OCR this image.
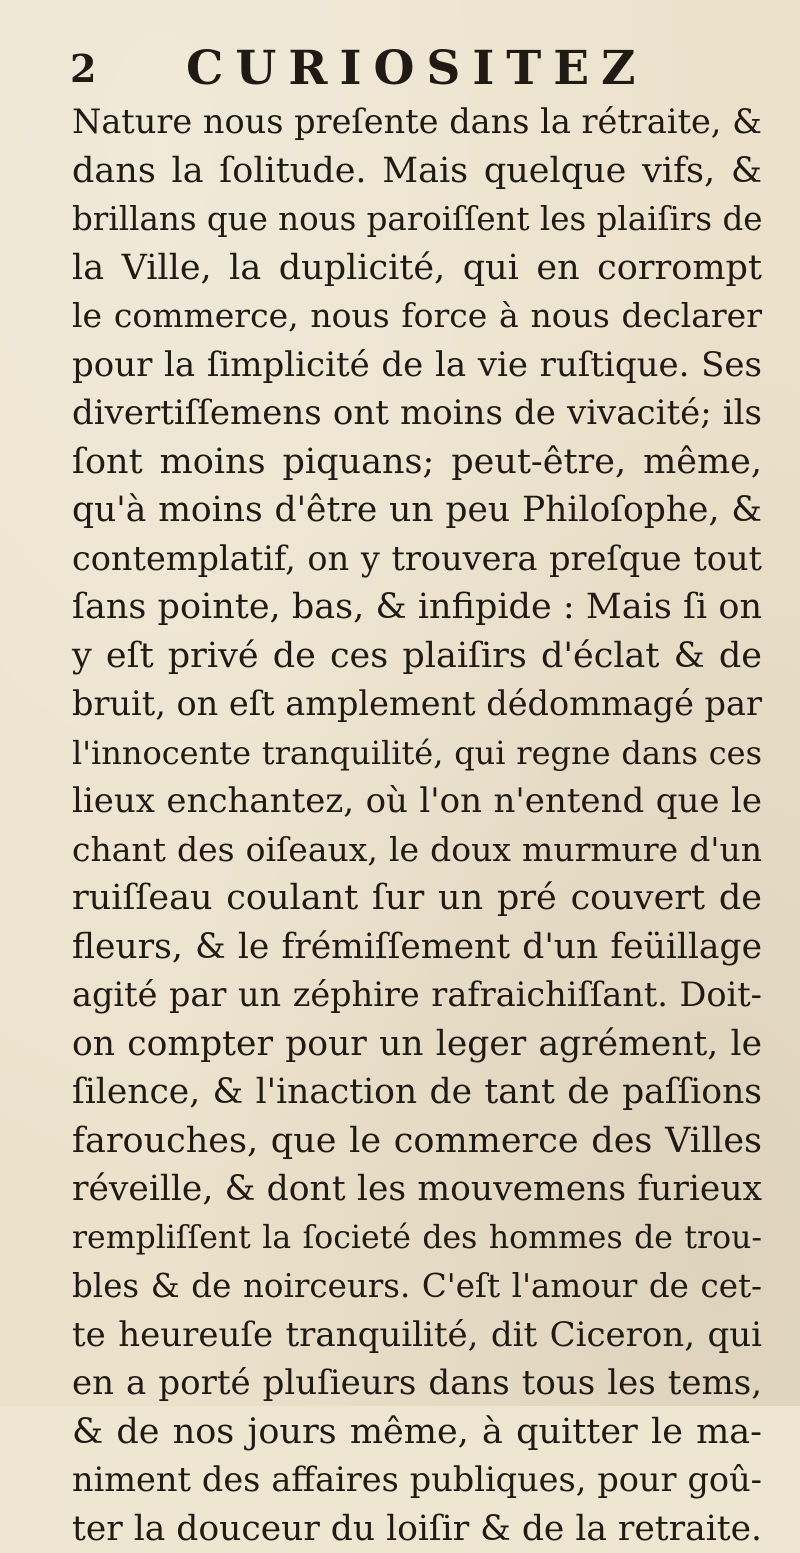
2 CURIOSITEZ
Nature nous preſente dans la rétraite, &
dans la ſolitude. Mais quelque vifs, &
brillans que nous paroiſſent les plaiſirs de
la Ville, la duplicité, qui en corrompt
le commerce, nous force à nous declarer
pour la ſimplicité de la vie ruſtique. Ses
divertiſſemens ont moins de vivacité; ils
ſont moins piquans; peut-être, même,
qu'à moins d'être un peu Philoſophe, &
contemplatif, on y trouvera preſque tout
ſans pointe, bas, & infipide : Mais ſi on
y eſt privé de ces plaiſirs d'éclat & de
bruit, on eſt amplement dédommagé par
l'innocente tranquilité, qui regne dans ces
lieux enchantez, où l'on n'entend que le
chant des oiſeaux, le doux murmure d'un
ruiſſeau coulant ſur un pré couvert de
fleurs, & le frémiſſement d'un feüillage
agité par un zéphire rafraichiſſant. Doit-
on compter pour un leger agrément, le
ſilence, & l'inaction de tant de paſſions
farouches, que le commerce des Villes
réveille, & dont les mouvemens furieux
rempliſſent la ſocieté des hommes de trou-
bles & de noirceurs. C'eſt l'amour de cet-
te heureuſe tranquilité, dit Ciceron, qui
en a porté pluſieurs dans tous les tems,
& de nos jours même, à quitter le ma-
niment des affaires publiques, pour goû-
ter la douceur du loiſir & de la retraite.
